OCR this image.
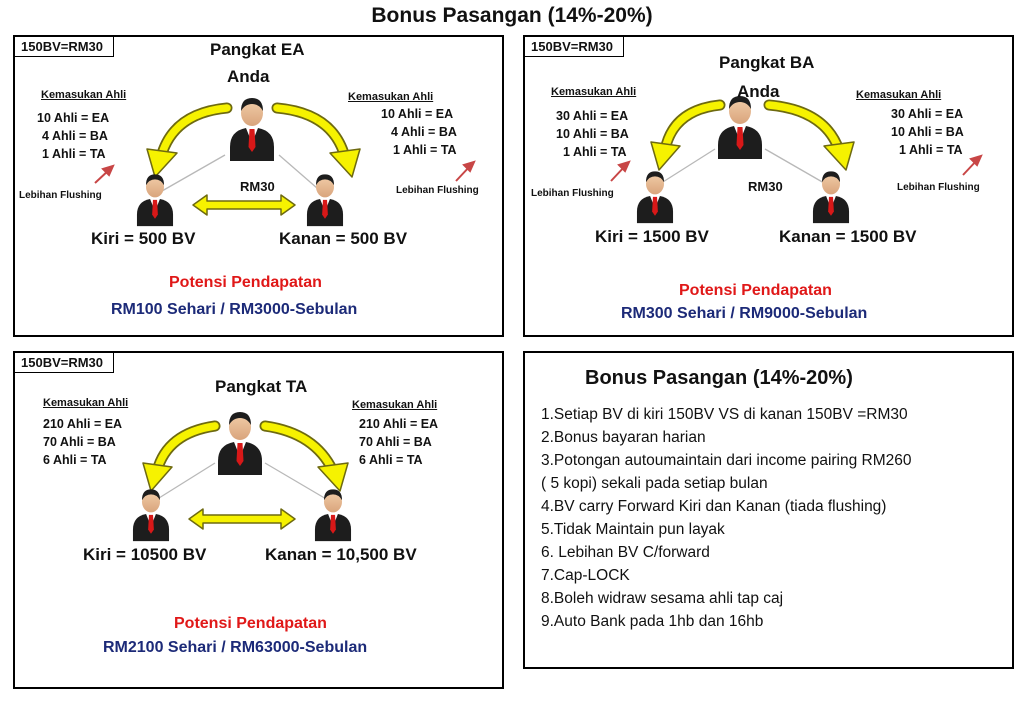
Bonus Pasangan (14%-20%)
150BV=RM30	Pangkat EA
Anda
Kemasukan Ahli
10 Ahli = EA
4 Ahli = BA
1 Ahli = TA
Kemasukan Ahli
10 Ahli = EA
4 Ahli = BA
1 Ahli = TA
Lebihan Flushing	Lebihan Flushing
RM30
Kiri = 500 BV	Kanan = 500 BV
Potensi Pendapatan
RM100 Sehari / RM3000-Sebulan
150BV=RM30
Pangkat BA
Anda
Kemasukan Ahli
30 Ahli = EA
10 Ahli = BA
1 Ahli = TA
Kemasukan Ahli
30 Ahli = EA
10 Ahli = BA
1 Ahli = TA
Lebihan Flushing
Lebihan Flushing
RM30
Kiri = 1500 BV	Kanan = 1500 BV
Potensi Pendapatan
RM300 Sehari / RM9000-Sebulan
150BV=RM30
Pangkat TA
Kemasukan Ahli
210 Ahli = EA
70 Ahli = BA
6 Ahli = TA
Kemasukan Ahli
210 Ahli = EA
70 Ahli = BA
6 Ahli = TA
Kiri = 10500 BV	Kanan = 10,500 BV
Potensi Pendapatan
RM2100 Sehari / RM63000-Sebulan
Bonus Pasangan (14%-20%)
1.Setiap BV di kiri 150BV VS di kanan 150BV =RM30
2.Bonus bayaran harian
3.Potongan autoumaintain dari income pairing RM260
( 5 kopi) sekali pada setiap bulan
4.BV carry Forward Kiri dan Kanan (tiada flushing)
5.Tidak Maintain pun layak
6. Lebihan BV C/forward
7.Cap-LOCK
8.Boleh widraw sesama ahli tap caj
9.Auto Bank pada 1hb dan 16hb
